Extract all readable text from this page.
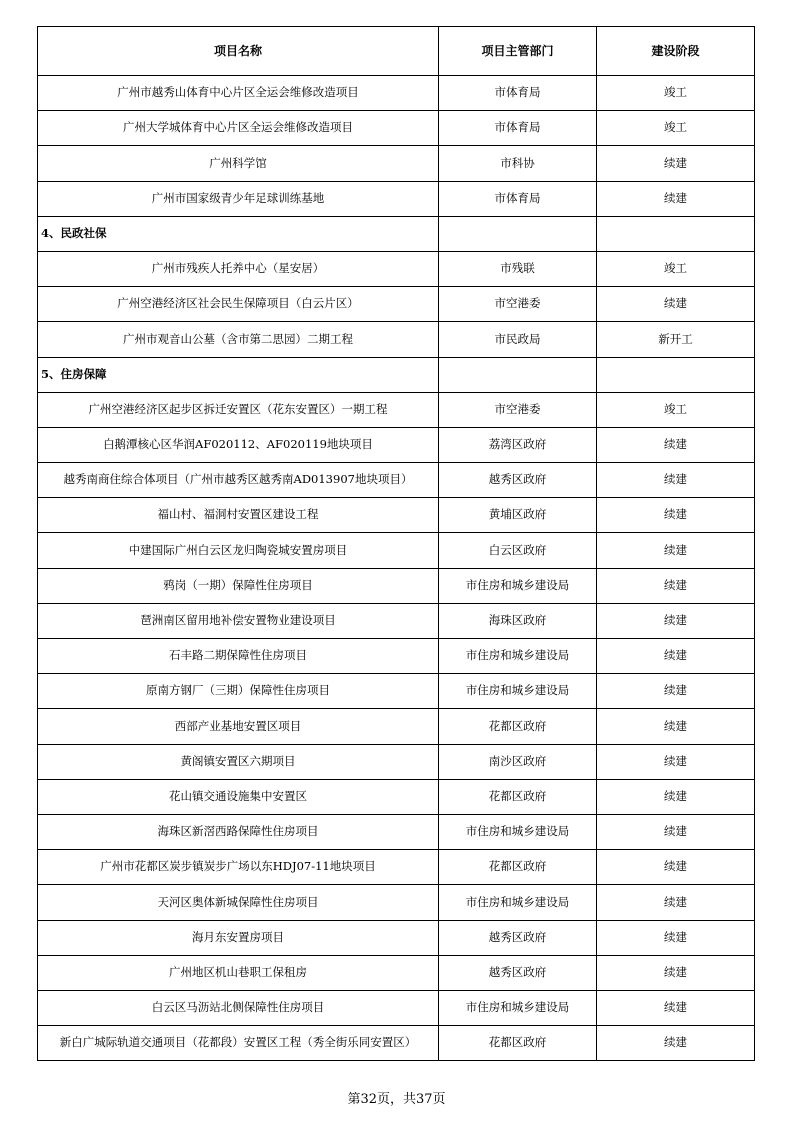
项目名称	项目主管部门	建设阶段
广州市越秀山体育中心片区全运会维修改造项目	市体育局	竣工
广州大学城体育中心片区全运会维修改造项目	市体育局	竣工
广州科学馆	市科协	续建
广州市国家级青少年足球训练基地	市体育局	续建
4、民政社保		
广州市残疾人托养中心（星安居）	市残联	竣工
广州空港经济区社会民生保障项目（白云片区）	市空港委	续建
广州市观音山公墓（含市第二思园）二期工程	市民政局	新开工
5、住房保障		
广州空港经济区起步区拆迁安置区（花东安置区）一期工程	市空港委	竣工
白鹅潭核心区华润AF020112、AF020119地块项目	荔湾区政府	续建
越秀南商住综合体项目（广州市越秀区越秀南AD013907地块项目）	越秀区政府	续建
福山村、福洞村安置区建设工程	黄埔区政府	续建
中建国际广州白云区龙归陶瓷城安置房项目	白云区政府	续建
鸦岗（一期）保障性住房项目	市住房和城乡建设局	续建
琶洲南区留用地补偿安置物业建设项目	海珠区政府	续建
石丰路二期保障性住房项目	市住房和城乡建设局	续建
原南方钢厂（三期）保障性住房项目	市住房和城乡建设局	续建
西部产业基地安置区项目	花都区政府	续建
黄阁镇安置区六期项目	南沙区政府	续建
花山镇交通设施集中安置区	花都区政府	续建
海珠区新滘西路保障性住房项目	市住房和城乡建设局	续建
广州市花都区炭步镇炭步广场以东HDJ07-11地块项目	花都区政府	续建
天河区奥体新城保障性住房项目	市住房和城乡建设局	续建
海月东安置房项目	越秀区政府	续建
广州地区机山巷职工保租房	越秀区政府	续建
白云区马沥站北侧保障性住房项目	市住房和城乡建设局	续建
新白广城际轨道交通项目（花都段）安置区工程（秀全街乐同安置区）	花都区政府	续建
第32页，共37页
